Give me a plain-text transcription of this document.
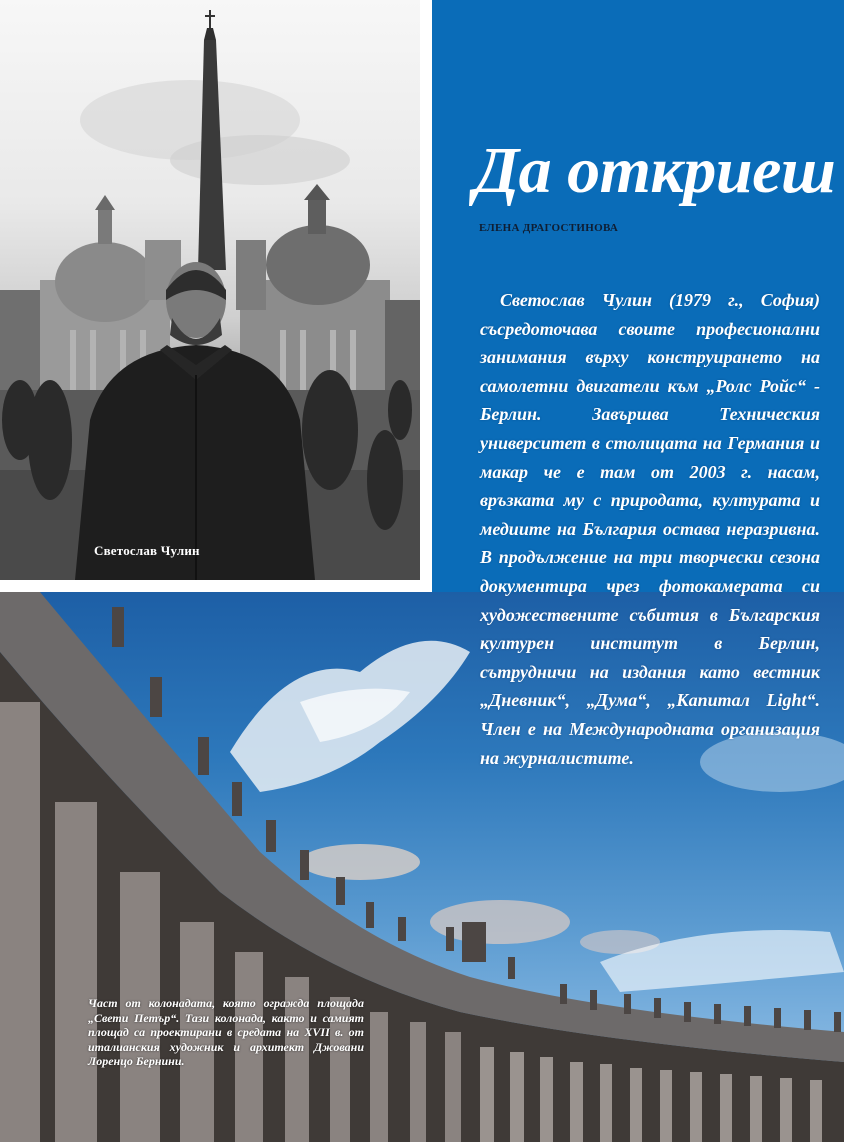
Светослав Чулин
Да откриеш
ЕЛЕНА ДРАГОСТИНОВА

Част от колонадата, която огражда площада „Свети Петър“. Тази колонада, както и самият площад са проектирани в средата на XVII в. от италианския художник и архитект Джовани Лоренцо Бернини.

Светослав Чулин (1979 г., София) съсредоточава своите професионални занимания върху конструирането на самолетни двигатели към „Ролс Ройс“ - Берлин. Завършва Техническия университет в столицата на Германия и макар че е там от 2003 г. насам, връзката му с природата, културата и медиите на България остава неразривна. В продължение на три творчески сезона документира чрез фотокамерата си художествените събития в Българския културен институт в Берлин, сътрудничи на издания като вестник „Дневник“, „Дума“, „Капитал Light“. Член е на Международната организация на журналистите.
